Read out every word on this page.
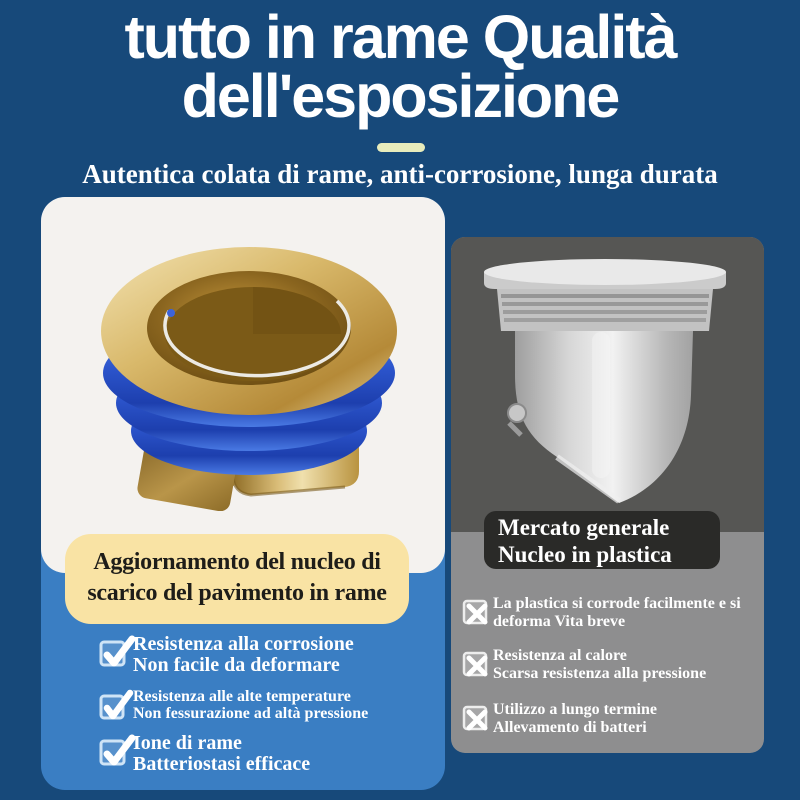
tutto in rame Qualità
dell'esposizione
Autentica colata di rame, anti-corrosione, lunga durata
Aggiornamento del nucleo di
scarico del pavimento in rame
Resistenza alla corrosione
Non facile da deformare
Resistenza alle alte temperature
Non fessurazione ad altà pressione
Ione di rame
Batteriostasi efficace
Mercato generale
Nucleo in plastica
La plastica si corrode facilmente e si
deforma Vita breve
Resistenza al calore
Scarsa resistenza alla pressione
Utilizzo a lungo termine
Allevamento di batteri
